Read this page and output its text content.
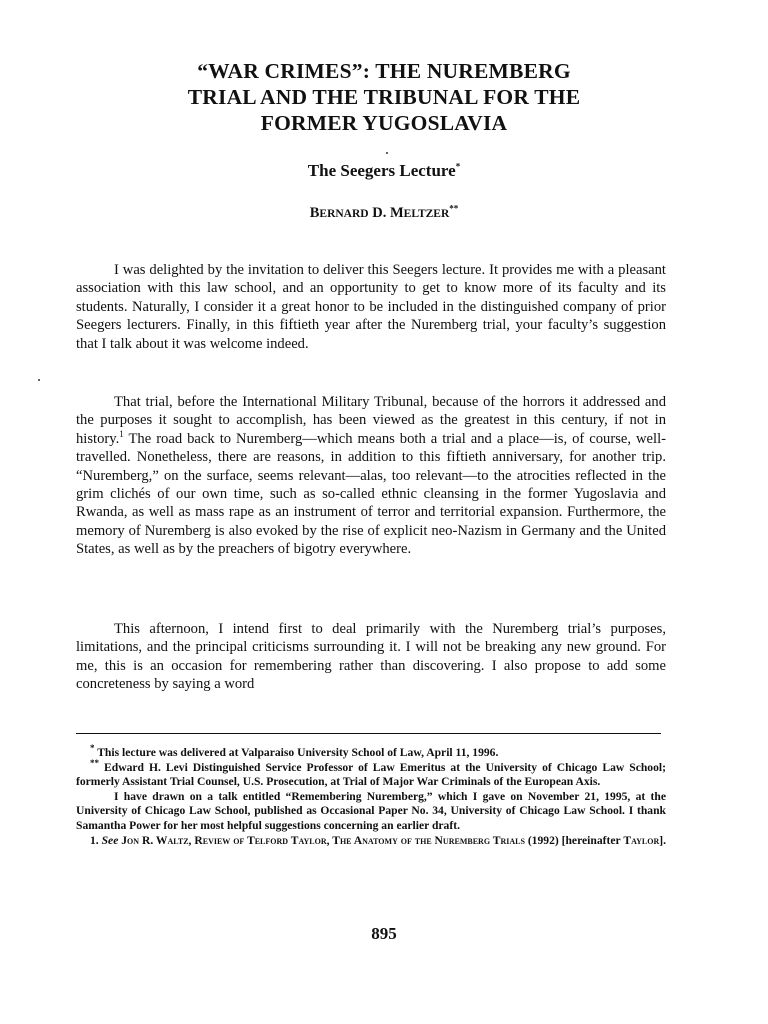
“WAR CRIMES”: THE NUREMBERG
TRIAL AND THE TRIBUNAL FOR THE
FORMER YUGOSLAVIA
The Seegers Lecture*
BERNARD D. MELTZER**
I was delighted by the invitation to deliver this Seegers lecture. It provides me with a pleasant association with this law school, and an opportunity to get to know more of its faculty and its students. Naturally, I consider it a great honor to be included in the distinguished company of prior Seegers lecturers. Finally, in this fiftieth year after the Nuremberg trial, your faculty’s suggestion that I talk about it was welcome indeed.
That trial, before the International Military Tribunal, because of the horrors it addressed and the purposes it sought to accomplish, has been viewed as the greatest in this century, if not in history.$^1$ The road back to Nuremberg—which means both a trial and a place—is, of course, well-travelled. Nonetheless, there are reasons, in addition to this fiftieth anniversary, for another trip. “Nuremberg,” on the surface, seems relevant—alas, too relevant—to the atrocities reflected in the grim clichés of our own time, such as so-called ethnic cleansing in the former Yugoslavia and Rwanda, as well as mass rape as an instrument of terror and territorial expansion. Furthermore, the memory of Nuremberg is also evoked by the rise of explicit neo-Nazism in Germany and the United States, as well as by the preachers of bigotry everywhere.
This afternoon, I intend first to deal primarily with the Nuremberg trial’s purposes, limitations, and the principal criticisms surrounding it. I will not be breaking any new ground. For me, this is an occasion for remembering rather than discovering. I also propose to add some concreteness by saying a word

* This lecture was delivered at Valparaiso University School of Law, April 11, 1996.

** Edward H. Levi Distinguished Service Professor of Law Emeritus at the University of Chicago Law School; formerly Assistant Trial Counsel, U.S. Prosecution, at Trial of Major War Criminals of the European Axis.

I have drawn on a talk entitled “Remembering Nuremberg,” which I gave on November 21, 1995, at the University of Chicago Law School, published as Occasional Paper No. 34, University of Chicago Law School. I thank Samantha Power for her most helpful suggestions concerning an earlier draft.

1. See Jon R. Waltz, Review of Telford Taylor, The Anatomy of the Nuremberg Trials (1992) [hereinafter Taylor].

895
